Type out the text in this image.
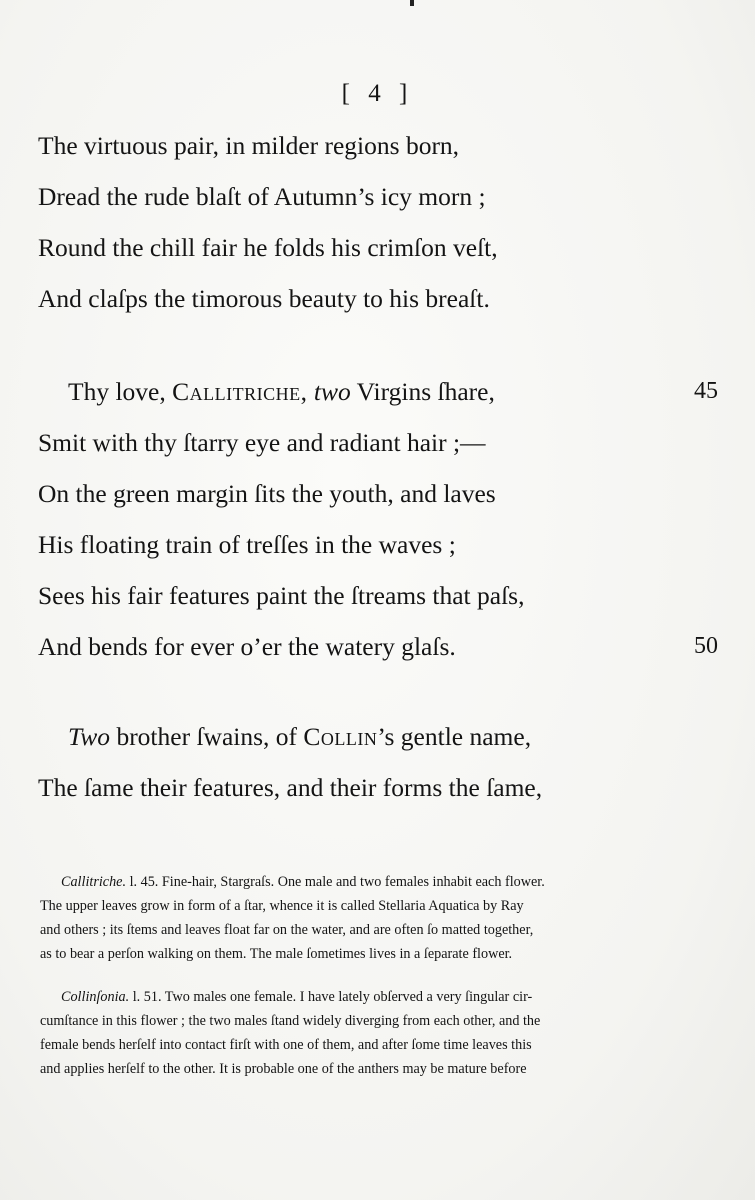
[ 4 ]
The virtuous pair, in milder regions born,
Dread the rude blaſt of Autumn’s icy morn ;
Round the chill fair he folds his crimſon veſt,
And claſps the timorous beauty to his breaſt.
Thy love, Callitriche, two Virgins ſhare,	45
Smit with thy ſtarry eye and radiant hair ;—
On the green margin ſits the youth, and laves
His floating train of treſſes in the waves ;
Sees his fair features paint the ſtreams that paſs,
And bends for ever o’er the watery glaſs.	50
Two brother ſwains, of Collin’s gentle name,
The ſame their features, and their forms the ſame,

Callitriche. l. 45. Fine-hair, Stargraſs. One male and two females inhabit each flower.

The upper leaves grow in form of a ſtar, whence it is called Stellaria Aquatica by Ray

and others ; its ſtems and leaves float far on the water, and are often ſo matted together,

as to bear a perſon walking on them. The male ſometimes lives in a ſeparate flower.

Collinſonia. l. 51. Two males one female. I have lately obſerved a very ſingular cir-

cumſtance in this flower ; the two males ſtand widely diverging from each other, and the

female bends herſelf into contact firſt with one of them, and after ſome time leaves this

and applies herſelf to the other. It is probable one of the anthers may be mature before
